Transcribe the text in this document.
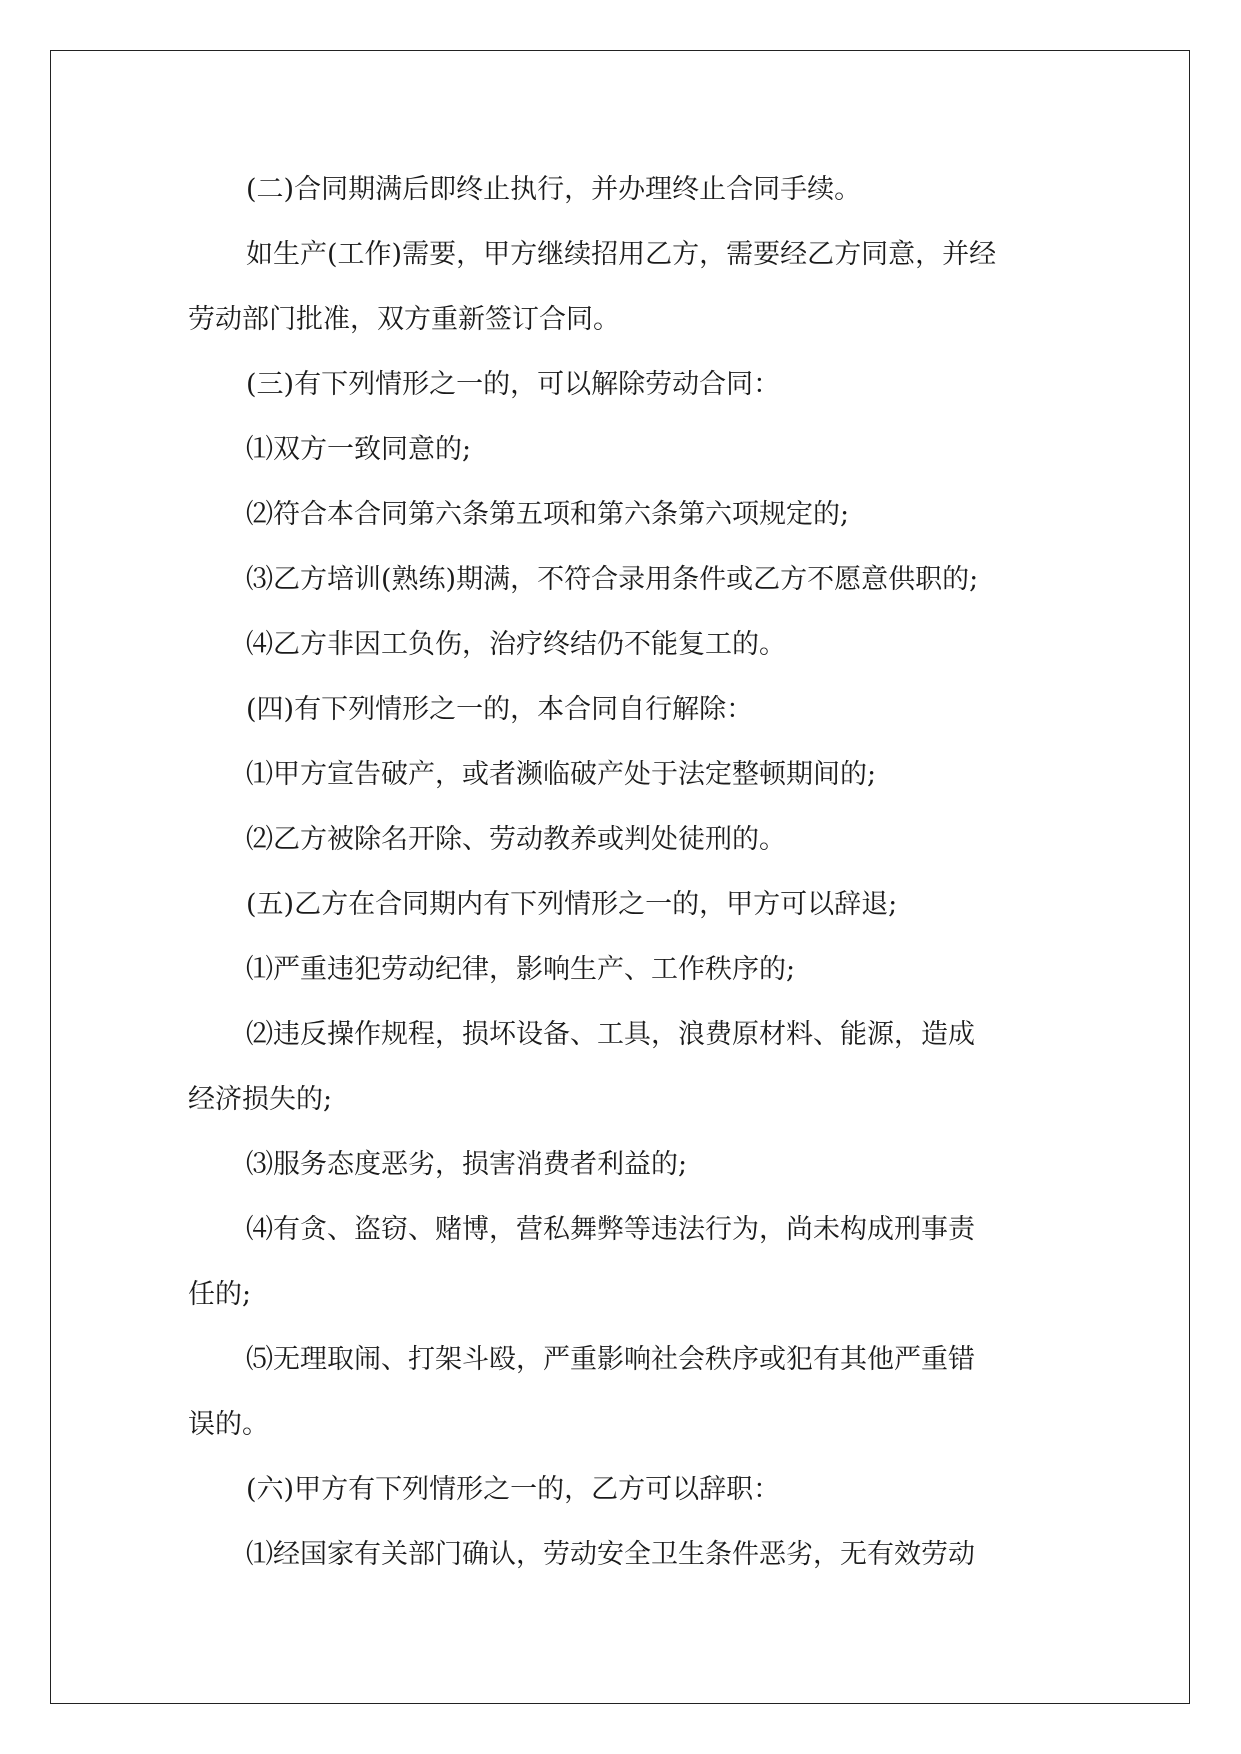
(二)合同期满后即终止执行，并办理终止合同手续。

如生产(工作)需要，甲方继续招用乙方，需要经乙方同意，并经

劳动部门批准，双方重新签订合同。

(三)有下列情形之一的，可以解除劳动合同：

⑴双方一致同意的;

⑵符合本合同第六条第五项和第六条第六项规定的;

⑶乙方培训(熟练)期满，不符合录用条件或乙方不愿意供职的;

⑷乙方非因工负伤，治疗终结仍不能复工的。

(四)有下列情形之一的，本合同自行解除：

⑴甲方宣告破产，或者濒临破产处于法定整顿期间的;

⑵乙方被除名开除、劳动教养或判处徒刑的。

(五)乙方在合同期内有下列情形之一的，甲方可以辞退;

⑴严重违犯劳动纪律，影响生产、工作秩序的;

⑵违反操作规程，损坏设备、工具，浪费原材料、能源，造成

经济损失的;

⑶服务态度恶劣，损害消费者利益的;

⑷有贪、盗窃、赌博，营私舞弊等违法行为，尚未构成刑事责

任的;

⑸无理取闹、打架斗殴，严重影响社会秩序或犯有其他严重错

误的。

(六)甲方有下列情形之一的，乙方可以辞职：

⑴经国家有关部门确认，劳动安全卫生条件恶劣，无有效劳动
